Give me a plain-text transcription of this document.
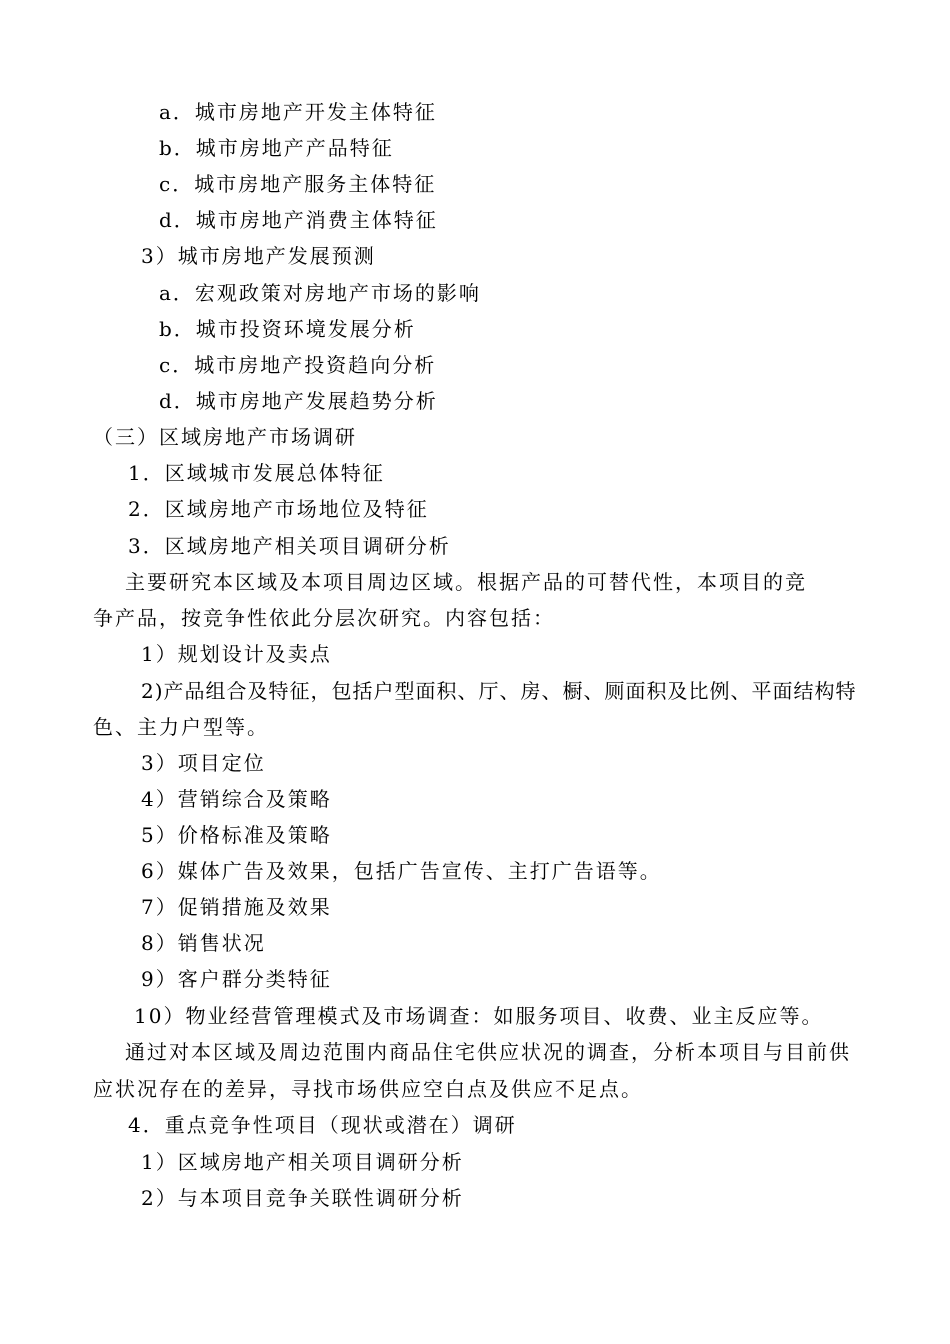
a．城市房地产开发主体特征
b．城市房地产产品特征
c．城市房地产服务主体特征
d．城市房地产消费主体特征
3）城市房地产发展预测
a．宏观政策对房地产市场的影响
b．城市投资环境发展分析
c．城市房地产投资趋向分析
d．城市房地产发展趋势分析
（三）区域房地产市场调研
1．区域城市发展总体特征
2．区域房地产市场地位及特征
3．区域房地产相关项目调研分析
主要研究本区域及本项目周边区域。根据产品的可替代性，本项目的竞
争产品，按竞争性依此分层次研究。内容包括：
1）规划设计及卖点
2)产品组合及特征，包括户型面积、厅、房、橱、厕面积及比例、平面结构特
色、主力户型等。
3）项目定位
4）营销综合及策略
5）价格标准及策略
6）媒体广告及效果，包括广告宣传、主打广告语等。
7）促销措施及效果
8）销售状况
9）客户群分类特征
10）物业经营管理模式及市场调查：如服务项目、收费、业主反应等。
通过对本区域及周边范围内商品住宅供应状况的调查，分析本项目与目前供
应状况存在的差异，寻找市场供应空白点及供应不足点。
4．重点竞争性项目（现状或潜在）调研
1）区域房地产相关项目调研分析
2）与本项目竞争关联性调研分析
